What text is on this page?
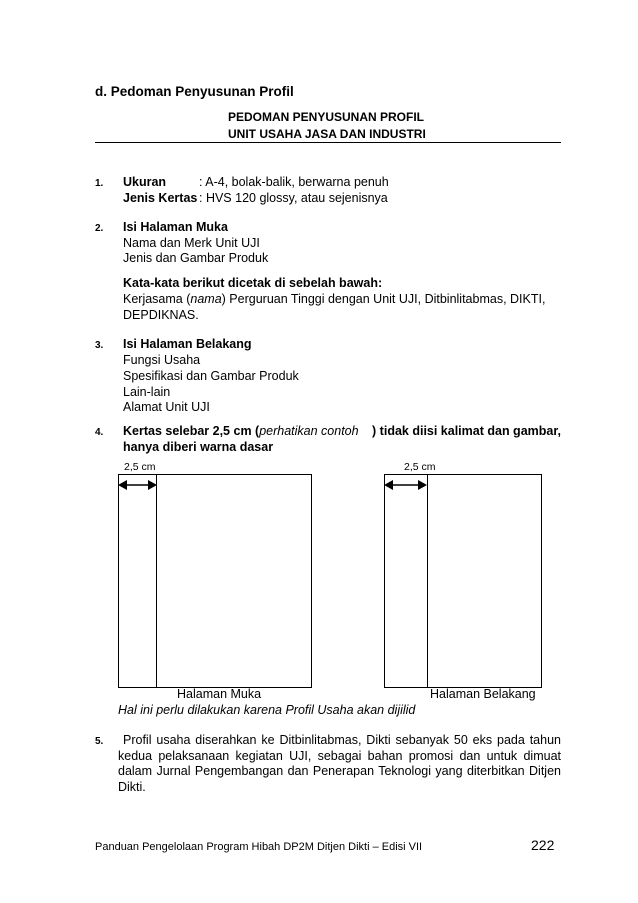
d. Pedoman Penyusunan Profil
PEDOMAN PENYUSUNAN PROFIL
UNIT USAHA JASA DAN INDUSTRI
1. Ukuran	: A-4, bolak-balik, berwarna penuh
Jenis Kertas : HVS 120 glossy, atau sejenisnya
2. Isi Halaman Muka
Nama dan Merk Unit UJI
Jenis dan Gambar Produk
Kata-kata berikut dicetak di sebelah bawah:
Kerjasama (nama) Perguruan Tinggi dengan Unit UJI, Ditbinlitabmas, DIKTI,
DEPDIKNAS.
3. Isi Halaman Belakang
Fungsi Usaha
Spesifikasi dan Gambar Produk
Lain-lain
Alamat Unit UJI
4. Kertas selebar 2,5 cm ( perhatikan contoh	) tidak diisi kalimat dan gambar,
hanya diberi warna dasar
2,5 cm
Halaman Muka
2,5 cm
Halaman Belakang
Hal ini perlu dilakukan karena Profil Usaha akan dijilid
5.	Profil usaha diserahkan ke Ditbinlitabmas, Dikti sebanyak 50 eks pada tahun kedua pelaksanaan kegiatan UJI, sebagai bahan promosi dan untuk dimuat dalam Jurnal Pengembangan dan Penerapan Teknologi yang diterbitkan Ditjen Dikti.
Panduan Pengelolaan Program Hibah DP2M Ditjen Dikti – Edisi VII	222
